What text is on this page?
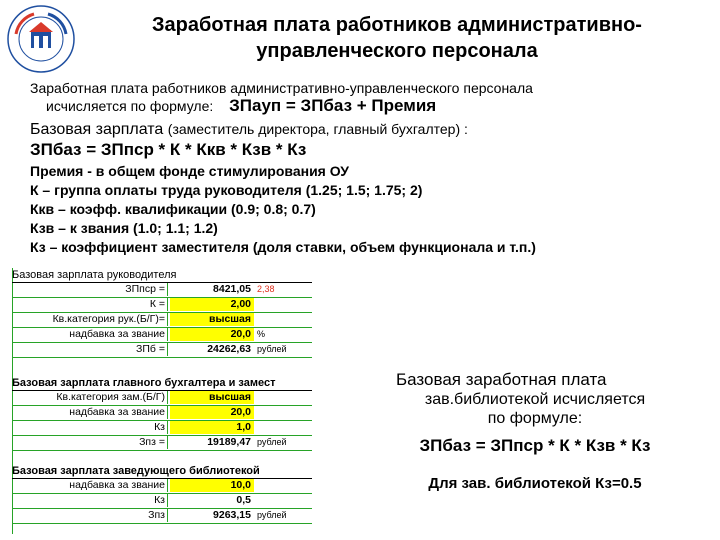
Заработная плата работников административно-управленческого персонала
Заработная плата работников административно-управленческого персонала
исчисляется по формуле: ЗПауп = ЗПбаз + Премия
Базовая зарплата (заместитель директора, главный бухгалтер) :
ЗПбаз = ЗПпср * К * Ккв * Кзв * Кз
Премия - в общем фонде стимулирования ОУ
К – группа оплаты труда руководителя (1.25; 1.5; 1.75; 2)
Ккв – коэфф. квалификации (0.9; 0.8; 0.7)
Кзв – к звания (1.0; 1.1; 1.2)
Кз – коэффициент заместителя (доля ставки, объем функционала и т.п.)
Базовая зарплата руководителя
ЗПпср =	8421,05 2,38
К =	2,00
Кв.категория рук.(Б/Г)=	высшая
надбавка за звание	20,0 %
ЗПб =	24262,63 рублей
Базовая зарплата главного бухгалтера и замест
Кв.категория зам.(Б/Г)	высшая
надбавка за звание	20,0
Кз	1,0
Зпз =	19189,47 рублей
Базовая зарплата заведующего библиотекой
надбавка за звание	10,0
Кз	0,5
Зпз	9263,15 рублей
Базовая заработная плата
зав.библиотекой исчисляется
по формуле:
ЗПбаз = ЗПпср * К * Кзв * Кз
Для зав. библиотекой Кз=0.5
